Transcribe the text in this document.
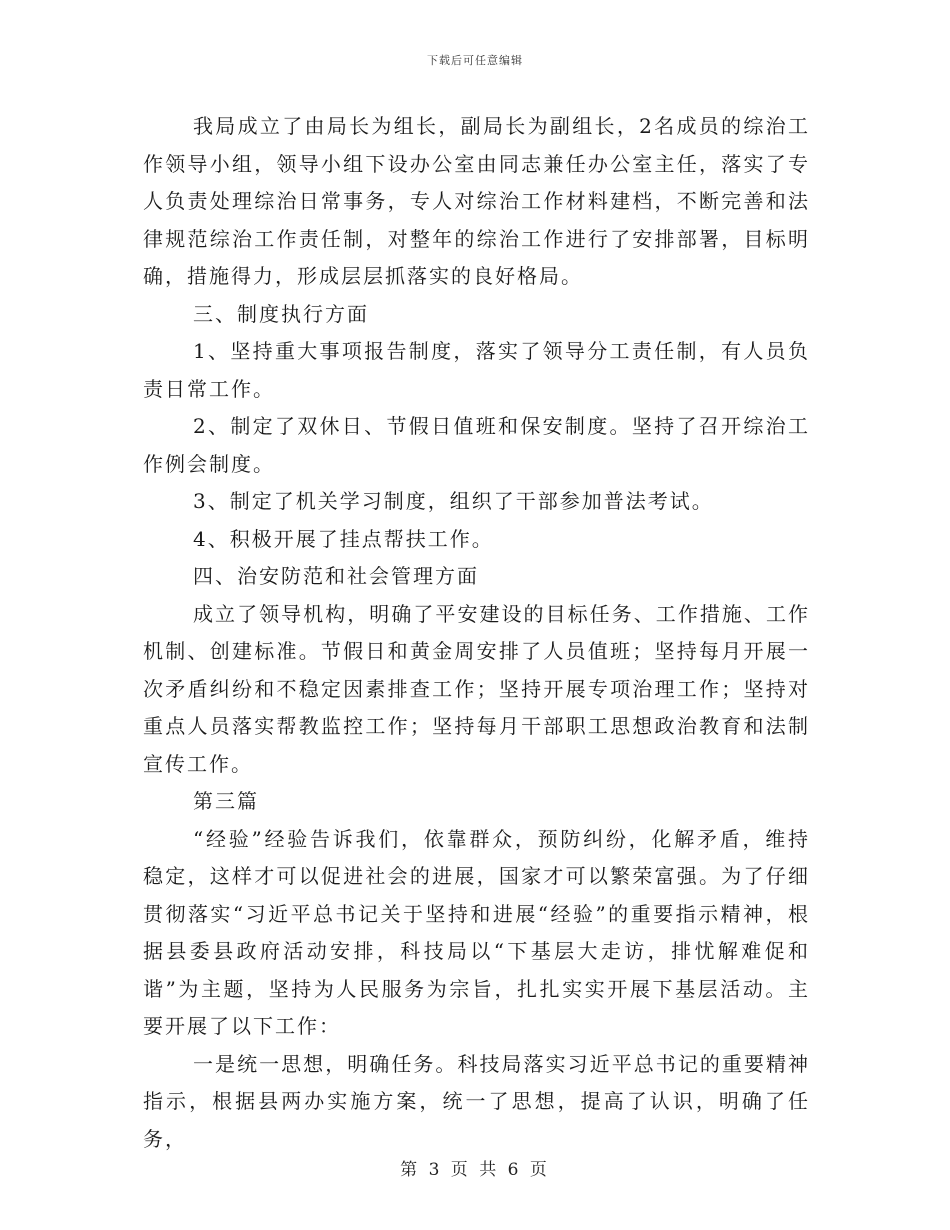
下载后可任意编辑

我局成立了由局长为组长，副局长为副组长，2名成员的综治工作领导小组，领导小组下设办公室由同志兼任办公室主任，落实了专人负责处理综治日常事务，专人对综治工作材料建档，不断完善和法律规范综治工作责任制，对整年的综治工作进行了安排部署，目标明确，措施得力，形成层层抓落实的良好格局。

三、制度执行方面

1、坚持重大事项报告制度，落实了领导分工责任制，有人员负责日常工作。

2、制定了双休日、节假日值班和保安制度。坚持了召开综治工作例会制度。

3、制定了机关学习制度，组织了干部参加普法考试。

4、积极开展了挂点帮扶工作。

四、治安防范和社会管理方面

成立了领导机构，明确了平安建设的目标任务、工作措施、工作机制、创建标准。节假日和黄金周安排了人员值班；坚持每月开展一次矛盾纠纷和不稳定因素排查工作；坚持开展专项治理工作；坚持对重点人员落实帮教监控工作；坚持每月干部职工思想政治教育和法制宣传工作。

第三篇

“经验”经验告诉我们，依靠群众，预防纠纷，化解矛盾，维持稳定，这样才可以促进社会的进展，国家才可以繁荣富强。为了仔细贯彻落实“习近平总书记关于坚持和进展“经验”的重要指示精神，根据县委县政府活动安排，科技局以“下基层大走访，排忧解难促和谐”为主题，坚持为人民服务为宗旨，扎扎实实开展下基层活动。主要开展了以下工作：

一是统一思想，明确任务。科技局落实习近平总书记的重要精神指示，根据县两办实施方案，统一了思想，提高了认识，明确了任务，

第 3 页 共 6 页
